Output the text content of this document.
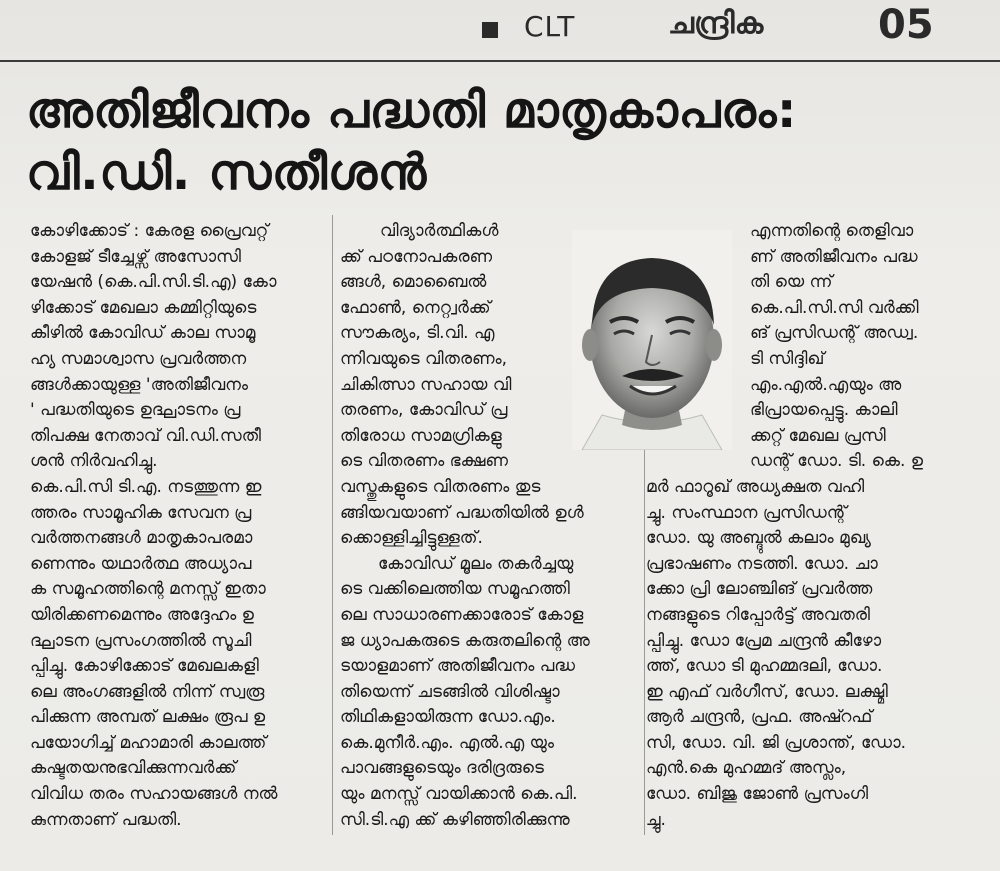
CLT	ചന്ദ്രിക	05
അതിജീവനം പദ്ധതി മാതൃകാപരം:
വി.ഡി. സതീശൻ
കോഴിക്കോട് : കേരള പ്രൈവറ്റ്
കോളജ് ടീച്ചേഴ്സ് അസോസി
യേഷൻ (കെ.പി.സി.ടി.എ) കോ
ഴിക്കോട് മേഖലാ കമ്മിറ്റിയുടെ
കീഴിൽ കോവിഡ് കാല സാമൂ
ഹ്യ സമാശ്വാസ പ്രവർത്തന
ങ്ങൾക്കായുള്ള 'അതിജീവനം
' പദ്ധതിയുടെ ഉദ്ഘാടനം പ്ര
തിപക്ഷ നേതാവ് വി.ഡി.സതീ
ശൻ നിർവഹിച്ചു.
കെ.പി.സി ടി.എ. നടത്തുന്ന ഇ
ത്തരം സാമൂഹിക സേവന പ്ര
വർത്തനങ്ങൾ മാതൃകാപരമാ
ണെന്നും യഥാർത്ഥ അധ്യാപ
ക സമൂഹത്തിന്റെ മനസ്സ് ഇതാ
യിരിക്കണമെന്നും അദ്ദേഹം ഉ
ദ്ഘാടന പ്രസംഗത്തിൽ സൂചി
പ്പിച്ചു. കോഴിക്കോട് മേഖലകളി
ലെ അംഗങ്ങളിൽ നിന്ന് സ്വരൂ
പിക്കുന്ന അമ്പത് ലക്ഷം രൂപ ഉ
പയോഗിച്ച് മഹാമാരി കാലത്ത്
കഷ്ടതയനുഭവിക്കുന്നവർക്ക്
വിവിധ തരം സഹായങ്ങൾ നൽ
കുന്നതാണ് പദ്ധതി.
വിദ്യാർത്ഥികൾ
ക്ക് പഠനോപകരണ
ങ്ങൾ, മൊബൈൽ
ഫോൺ, നെറ്റ്വർക്ക്
സൗകര്യം, ടി.വി. എ
ന്നിവയുടെ വിതരണം,
ചികിത്സാ സഹായ വി
തരണം, കോവിഡ് പ്ര
തിരോധ സാമഗ്രികളു
ടെ വിതരണം ഭക്ഷണ
വസ്തുകളുടെ വിതരണം തുട
ങ്ങിയവയാണ് പദ്ധതിയിൽ ഉൾ
ക്കൊള്ളിച്ചിട്ടുള്ളത്.
കോവിഡ് മൂലം തകർച്ചയു
ടെ വക്കിലെത്തിയ സമൂഹത്തി
ലെ സാധാരണക്കാരോട് കോള
ജ ധ്യാപകരുടെ കരുതലിന്റെ അ
ടയാളമാണ് അതിജീവനം പദ്ധ
തിയെന്ന് ചടങ്ങിൽ വിശിഷ്ടാ
തിഥികളായിരുന്ന ഡോ.എം.
കെ.മുനീർ.എം. എൽ.എ യും
പാവങ്ങളുടെയും ദരിദ്രരുടെ
യും മനസ്സ് വായിക്കാൻ കെ.പി.
സി.ടി.എ ക്ക് കഴിഞ്ഞിരിക്കുന്നു
എന്നതിന്റെ തെളിവാ
ണ് അതിജീവനം പദ്ധ
തി യെ ന്ന്
കെ.പി.സി.സി വർക്കി
ങ് പ്രസിഡന്റ് അഡ്വ.
ടി സിദ്ദിഖ്
എം.എൽ.എയും അ
ഭിപ്രായപ്പെട്ടു. കാലി
ക്കറ്റ് മേഖല പ്രസി
ഡന്റ് ഡോ. ടി. കെ. ഉ
മർ ഫാറൂഖ് അധ്യക്ഷത വഹി
ച്ചു. സംസ്ഥാന പ്രസിഡന്റ്
ഡോ. യു അബ്ദുൽ കലാം മുഖ്യ
പ്രഭാഷണം നടത്തി. ഡോ. ചാ
ക്കോ പ്രി ലോഞ്ചിങ് പ്രവർത്ത
നങ്ങളുടെ റിപ്പോർട്ട് അവതരി
പ്പിച്ചു. ഡോ പ്രേമ ചന്ദ്രൻ കീഴോ
ത്ത്, ഡോ ടി മുഹമ്മദലി, ഡോ.
ഇ എഫ് വർഗീസ്, ഡോ. ലക്ഷ്മി
ആർ ചന്ദ്രൻ, പ്രഫ. അഷ്റഫ്
സി, ഡോ. വി. ജി പ്രശാന്ത്, ഡോ.
എൻ.കെ മുഹമ്മദ് അസ്ലം,
ഡോ. ബിജു ജോൺ പ്രസംഗി
ച്ചു.
